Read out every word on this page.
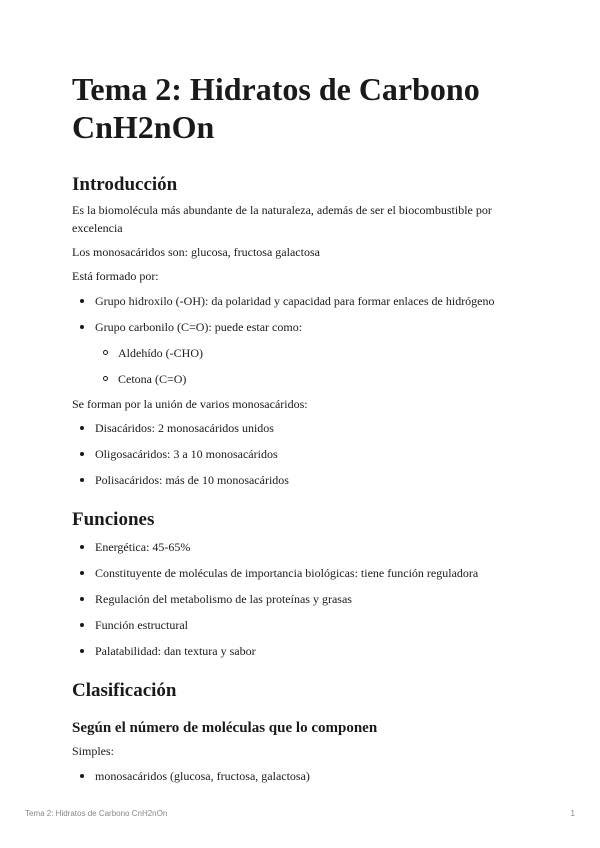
Tema 2: Hidratos de Carbono CnH2nOn
Introducción

Es la biomolécula más abundante de la naturaleza, además de ser el biocombustible por excelencia

Los monosacáridos son: glucosa, fructosa galactosa

Está formado por:

Grupo hidroxilo (-OH): da polaridad y capacidad para formar enlaces de hidrógeno
Grupo carbonilo (C=O): puede estar como:
Aldehído (-CHO)
Cetona (C=O)

Se forman por la unión de varios monosacáridos:

Disacáridos: 2 monosacáridos unidos
Oligosacáridos: 3 a 10 monosacáridos
Polisacáridos: más de 10 monosacáridos
Funciones
Energética: 45-65%
Constituyente de moléculas de importancia biológicas: tiene función reguladora
Regulación del metabolismo de las proteínas y grasas
Función estructural
Palatabilidad: dan textura y sabor
Clasificación
Según el número de moléculas que lo componen

Simples:

monosacáridos (glucosa, fructosa, galactosa)
Tema 2: Hidratos de Carbono CnH2nOn	1
